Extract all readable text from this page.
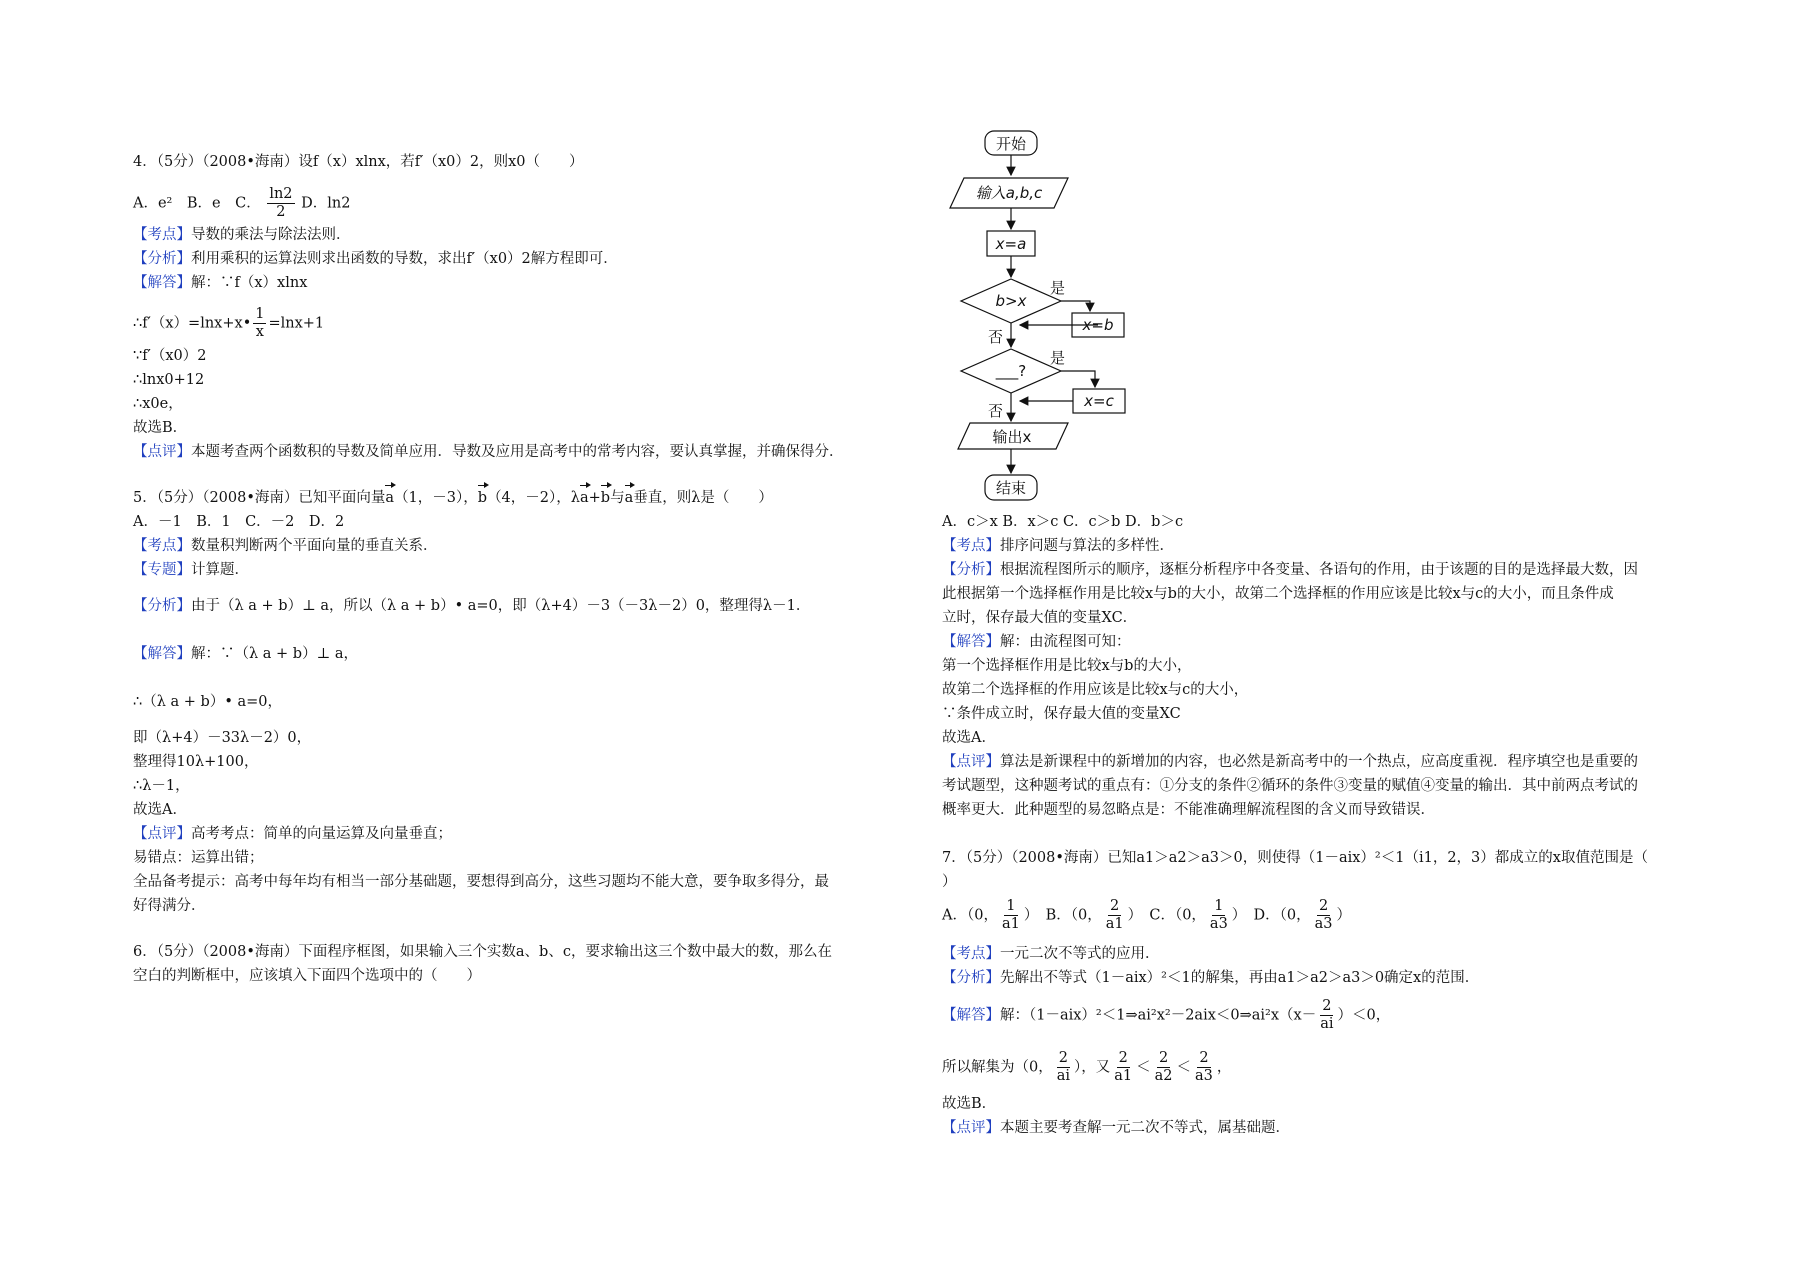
4．（5分）（2008•海南）设f（x）xlnx，若f′（x0）2，则x0（　　）
A．e²　B．e　C． $\frac{\ln 2}{2}$ D．ln2
【考点】导数的乘法与除法法则．
【分析】利用乘积的运算法则求出函数的导数，求出f′（x0）2解方程即可．
【解答】解：∵f（x）xlnx
∴f′（x）=lnx+x• $\frac{1}{x} =\ln x+1$
∵f′（x0）2
∴lnx0+12
∴x0e，
故选B．
【点评】本题考查两个函数积的导数及简单应用．导数及应用是高考中的常考内容，要认真掌握，并确保得分．
5．（5分）（2008•海南）已知平面向量a（1，－3），b（4，－2），λa+b与a垂直，则λ是（　　）
A．－1　B．1　C．－2　D．2
【考点】数量积判断两个平面向量的垂直关系．
【专题】计算题．
【分析】由于（λ a + b）⊥ a，所以（λ a + b）• a=0，即（λ+4）－3（－3λ－2）0，整理得λ－1．
【解答】解：∵（λ a + b）⊥ a，
∴（λ a + b）• a=0，
即（λ+4）－33λ－2）0，
整理得10λ+100，
∴λ－1，
故选A．
【点评】高考考点：简单的向量运算及向量垂直；
易错点：运算出错；
全品备考提示：高考中每年均有相当一部分基础题，要想得到高分，这些习题均不能大意，要争取多得分，最
好得满分．
6．（5分）（2008•海南）下面程序框图，如果输入三个实数a、b、c，要求输出这三个数中最大的数，那么在
空白的判断框中，应该填入下面四个选项中的（　　）
开始
输入a,b,c
x=a
b>x
是
x=b
否
___?
是
x=c
否
输出x
结束
A．c＞x B．x＞c C．c＞b D．b＞c
【考点】排序问题与算法的多样性．
【分析】根据流程图所示的顺序，逐框分析程序中各变量、各语句的作用，由于该题的目的是选择最大数，因
此根据第一个选择框作用是比较x与b的大小，故第二个选择框的作用应该是比较x与c的大小，而且条件成
立时，保存最大值的变量XC．
【解答】解：由流程图可知：
第一个选择框作用是比较x与b的大小，
故第二个选择框的作用应该是比较x与c的大小，
∵条件成立时，保存最大值的变量XC
故选A．
【点评】算法是新课程中的新增加的内容，也必然是新高考中的一个热点，应高度重视．程序填空也是重要的
考试题型，这种题考试的重点有：①分支的条件②循环的条件③变量的赋值④变量的输出．其中前两点考试的
概率更大．此种题型的易忽略点是：不能准确理解流程图的含义而导致错误．
7．（5分）（2008•海南）已知a1＞a2＞a3＞0，则使得（1－aix）²＜1（i1，2，3）都成立的x取值范围是（
）
A．（0， $\frac{1}{a1}$ ）　B．（0， $\frac{2}{a1}$ ）　C．（0， $\frac{1}{a3}$ ）　D．（0， $\frac{2}{a3}$ ）
【考点】一元二次不等式的应用．
【分析】先解出不等式（1－aix）²＜1的解集，再由a1＞a2＞a3＞0确定x的范围．
【解答】解：（1－aix）²＜1⇒ai²x²－2aix＜0⇒ai²x（x－ $\frac{2}{ai} )<0$，
所以解集为（0， $\frac{2}{ai}$ ），又 $\frac{2}{a1} < \frac{2}{a2} < \frac{2}{a3}$ ，
故选B．
【点评】本题主要考查解一元二次不等式，属基础题．
